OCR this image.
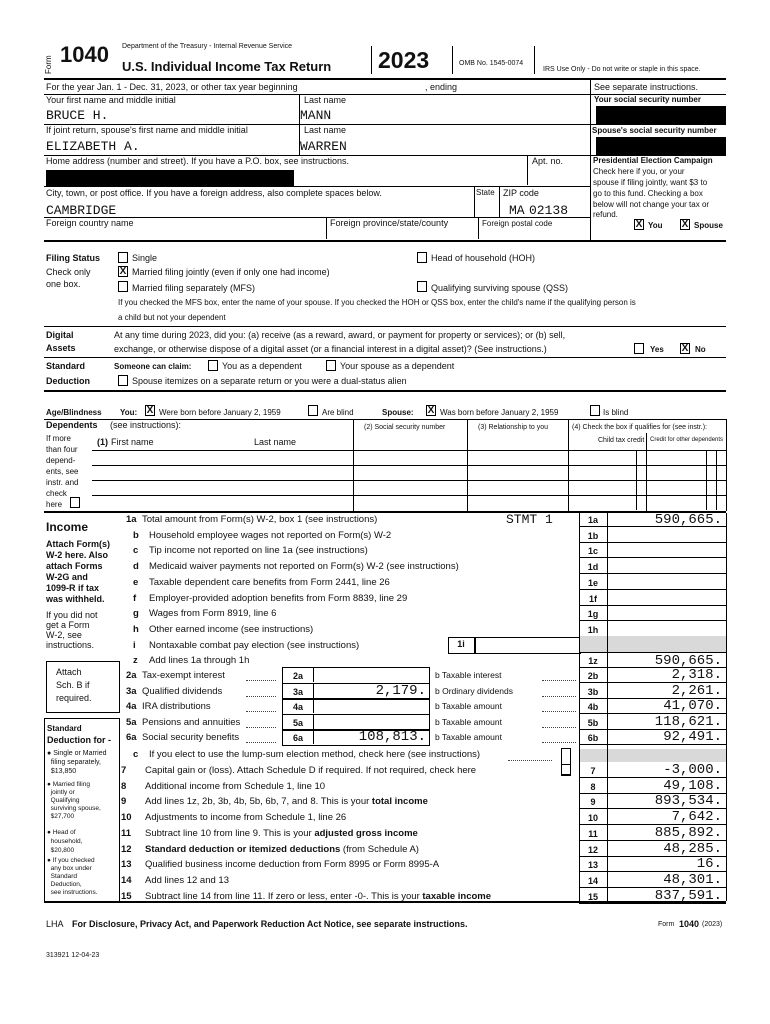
Form 1040 Department of the Treasury - Internal Revenue Service
U.S. Individual Income Tax Return 2023	OMB No. 1545-0074
IRS Use Only - Do not write or staple in this space.
For the year Jan. 1 - Dec. 31, 2023, or other tax year beginning	, ending	See separate instructions.
Your first name and middle initial	Last name	Your social security number
BRUCE H.	MANN
If joint return, spouse's first name and middle initial	Last name	Spouse's social security number
ELIZABETH A.	WARREN
Home address (number and street). If you have a P.O. box, see instructions.	Apt. no.	Presidential Election Campaign
Check here if you, or your
spouse if filing jointly, want $3 to
go to this fund. Checking a box
below will not change your tax or
refund.
X You X Spouse
City, town, or post office. If you have a foreign address, also complete spaces below.	State ZIP code
CAMBRIDGE	MA 02138
Foreign country name	Foreign province/state/county	Foreign postal code
Filing Status
Check only
one box.
Single
X Married filing jointly (even if only one had income)
Married filing separately (MFS)
Head of household (HOH)
Qualifying surviving spouse (QSS)
If you checked the MFS box, enter the name of your spouse. If you checked the HOH or QSS box, enter the child's name if the qualifying person is
a child but not your dependent
Digital
Assets
At any time during 2023, did you: (a) receive (as a reward, award, or payment for property or services); or (b) sell,
exchange, or otherwise dispose of a digital asset (or a financial interest in a digital asset)? (See instructions.)	Yes X No
Standard
Deduction
Someone can claim:	You as a dependent	Your spouse as a dependent
Spouse itemizes on a separate return or you were a dual-status alien
Age/Blindness You: X Were born before January 2, 1959	Are blind	Spouse: X Was born before January 2, 1959	Is blind
Dependents (see instructions):
If more
than four
depend-
ents, see
instr. and
check
here
(1) First name	Last name
(2) Social security number	(3) Relationship to you	(4) Check the box if qualifies for (see instr.):
Child tax credit Credit for other dependents
Income
Attach Form(s)
W-2 here. Also
attach Forms
W-2G and
1099-R if tax
was withheld.
If you did not
get a Form
W-2, see
instructions.
Attach
Sch. B if
required.
Standard
Deduction for -
● Single or Married
filing separately,
$13,850
● Married filing
jointly or
Qualifying
surviving spouse,
$27,700
● Head of
household,
$20,800
● If you checked
any box under
Standard
Deduction,
see instructions.
c If you elect to use the lump-sum election method, check here (see instructions)
LHA For Disclosure, Privacy Act, and Paperwork Reduction Act Notice, see separate instructions.	Form 1040 (2023)
313921 12-04-23
1a Total amount from Form(s) W-2, box 1 (see instructions)	STMT 1	1a	590,665.
b Household employee wages not reported on Form(s) W-2	1b
c Tip income not reported on line 1a (see instructions)	1c
d Medicaid waiver payments not reported on Form(s) W-2 (see instructions)	1d
e Taxable dependent care benefits from Form 2441, line 26	1e
f Employer-provided adoption benefits from Form 8839, line 29	1f
g Wages from Form 8919, line 6	1g
h Other earned income (see instructions)	1h
i Nontaxable combat pay election (see instructions)	1i
z Add lines 1a through 1h	1z	590,665.
2a Tax-exempt interest	2a	b Taxable interest	2b	2,318.
3a Qualified dividends	3a	2,179. b Ordinary dividends	3b	2,261.
4a IRA distributions	4a	b Taxable amount	4b	41,070.
5a Pensions and annuities	5a	b Taxable amount	5b	118,621.
6a Social security benefits	6a	108,813. b Taxable amount	6b	92,491.
7 Capital gain or (loss). Attach Schedule D if required. If not required, check here	7	-3,000.
8 Additional income from Schedule 1, line 10	8	49,108.
9 Add lines 1z, 2b, 3b, 4b, 5b, 6b, 7, and 8. This is your total income	9	893,534.
10 Adjustments to income from Schedule 1, line 26	10	7,642.
11 Subtract line 10 from line 9. This is your adjusted gross income	11	885,892.
12 Standard deduction or itemized deductions (from Schedule A)	12	48,285.
13 Qualified business income deduction from Form 8995 or Form 8995-A	13	16.
14 Add lines 12 and 13	14	48,301.
15 Subtract line 14 from line 11. If zero or less, enter -0-. This is your taxable income	15	837,591.
